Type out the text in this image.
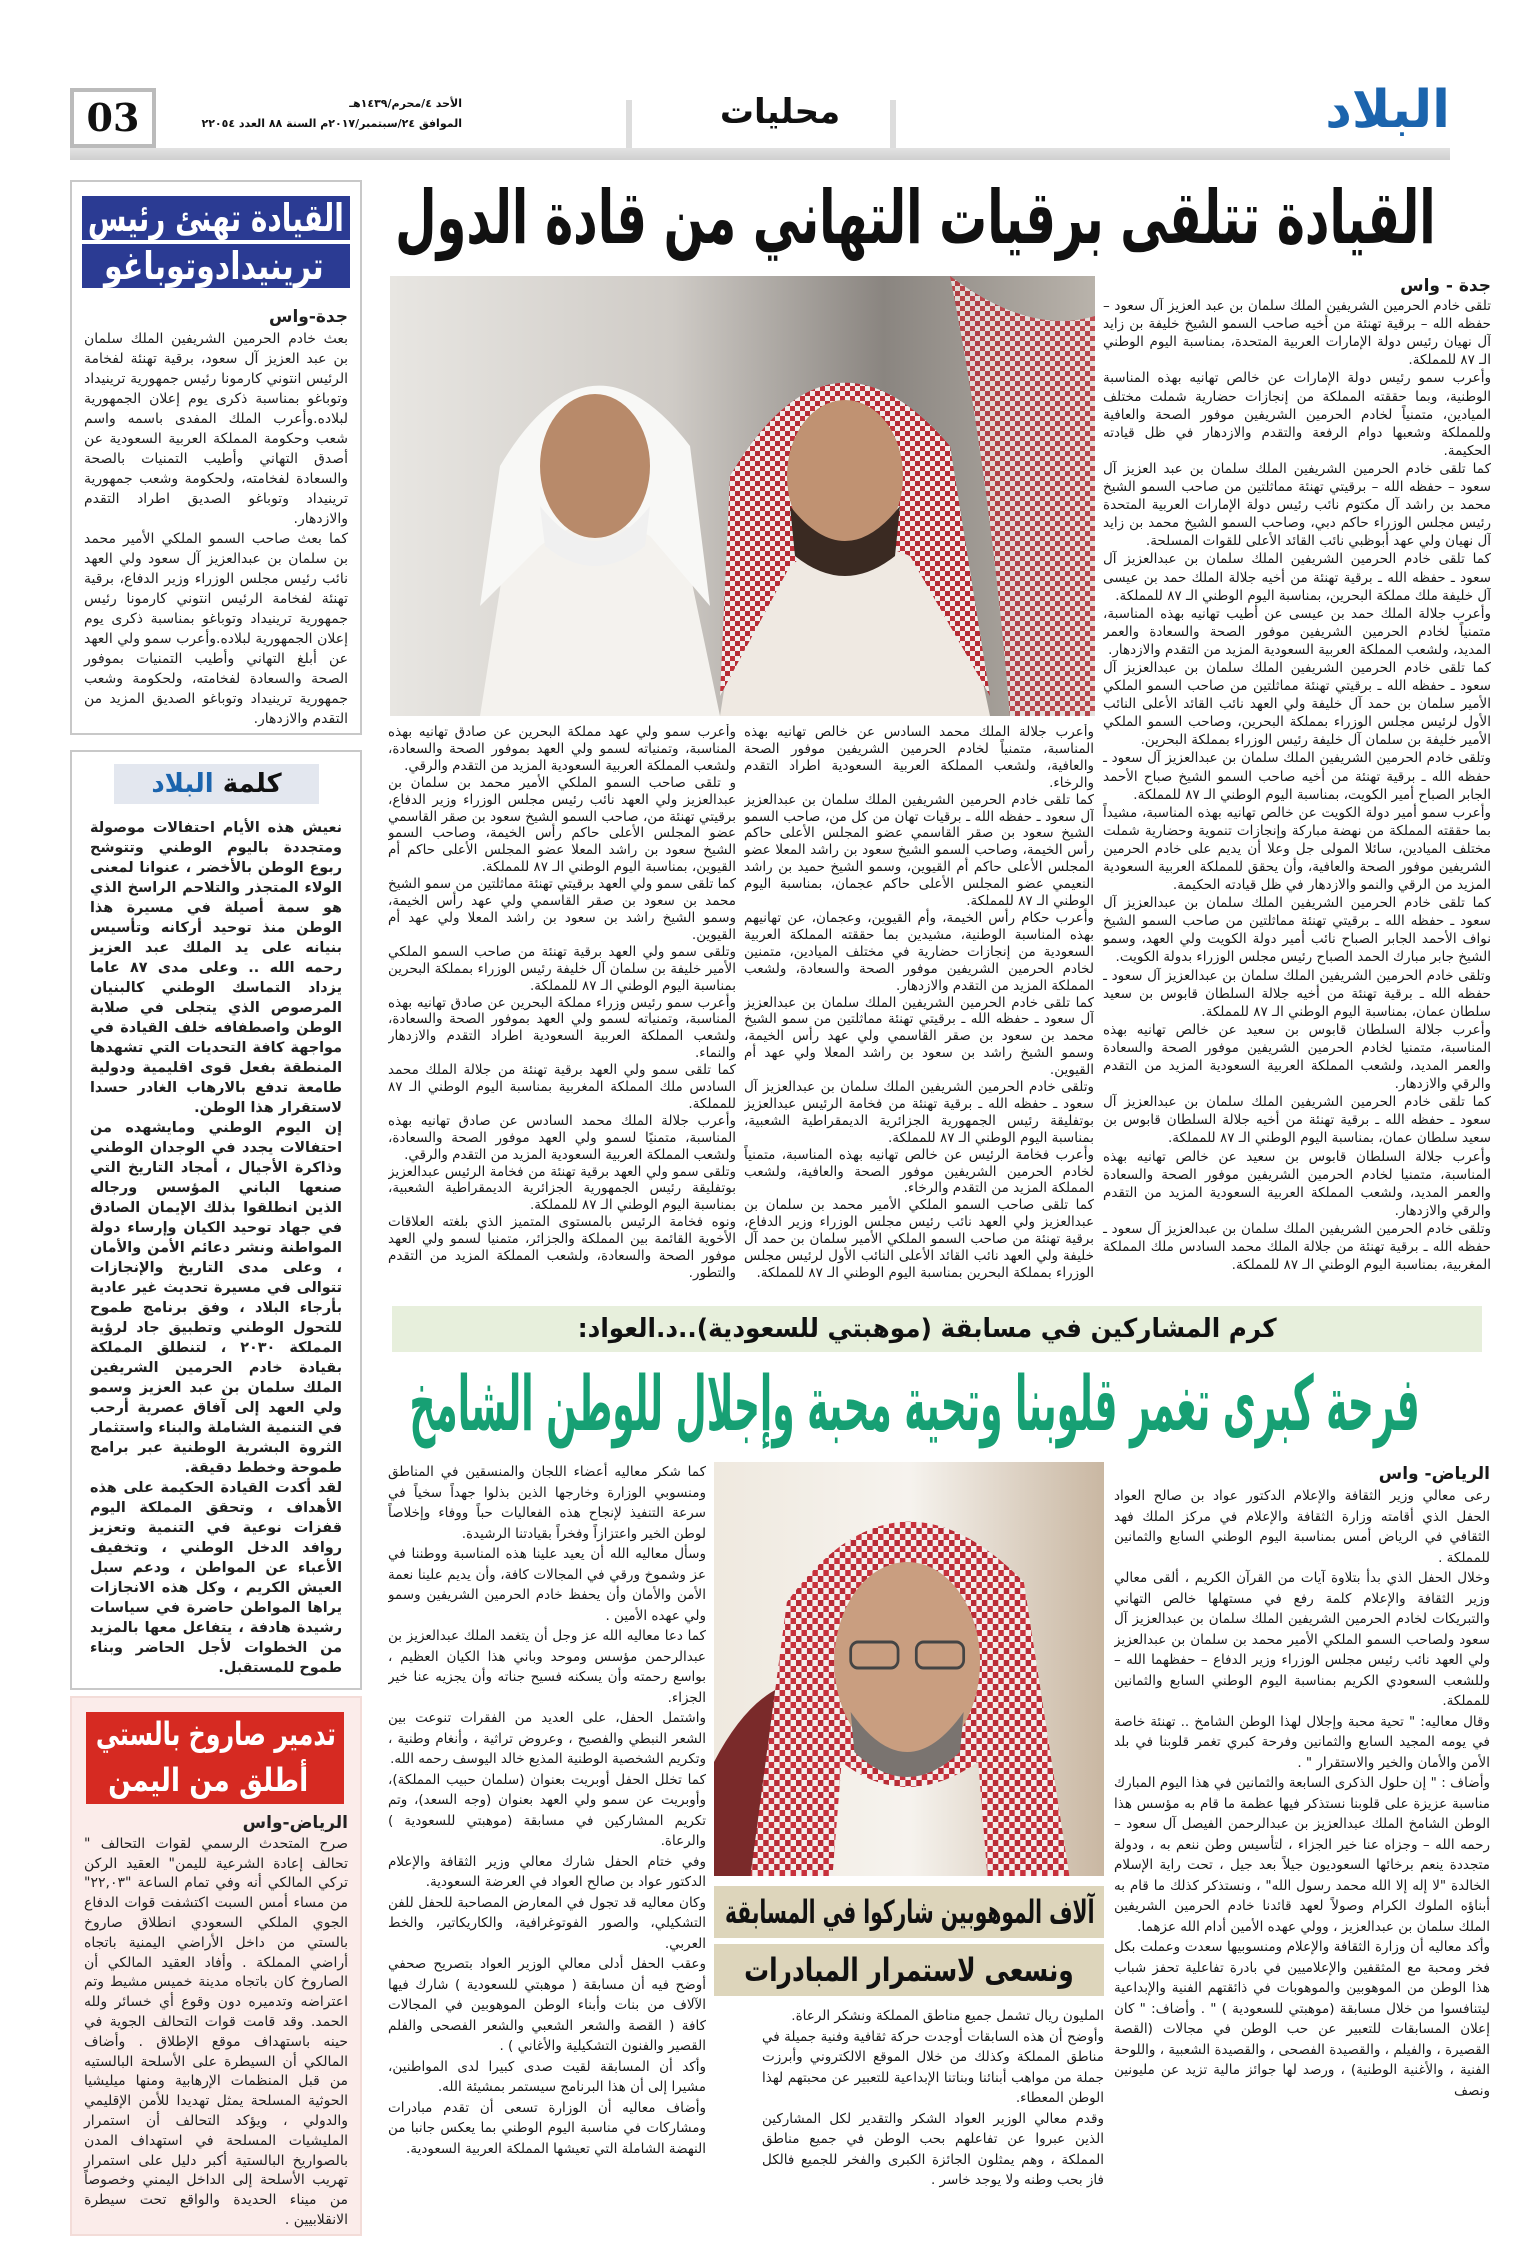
03	الأحد ٤/محرم/١٤٣٩هـ
الموافق ٢٤/سبتمبر/٢٠١٧م السنة ٨٨ العدد ٢٢٠٥٤	محليات	البلاد
القيادة تتلقى برقيات التهاني من قادة الدول
جدة - واس

تلقى خادم الحرمين الشريفين الملك سلمان بن عبد العزيز آل سعود – حفظه الله – برقية تهنئة من أخيه صاحب السمو الشيخ خليفة بن زايد آل نهيان رئيس دولة الإمارات العربية المتحدة، بمناسبة اليوم الوطني الـ ٨٧ للمملكة.

وأعرب سمو رئيس دولة الإمارات عن خالص تهانيه بهذه المناسبة الوطنية، وبما حققته المملكة من إنجازات حضارية شملت مختلف الميادين، متمنياً لخادم الحرمين الشريفين موفور الصحة والعافية وللمملكة وشعبها دوام الرفعة والتقدم والازدهار في ظل قيادته الحكيمة.

كما تلقى خادم الحرمين الشريفين الملك سلمان بن عبد العزيز آل سعود – حفظه الله – برقيتي تهنئة مماثلتين من صاحب السمو الشيخ محمد بن راشد آل مكتوم نائب رئيس دولة الإمارات العربية المتحدة رئيس مجلس الوزراء حاكم دبي، وصاحب السمو الشيخ محمد بن زايد آل نهيان ولي عهد أبوظبي نائب القائد الأعلى للقوات المسلحة.

كما تلقى خادم الحرمين الشريفين الملك سلمان بن عبدالعزيز آل سعود ـ حفظه الله ـ برقية تهنئة من أخيه جلالة الملك حمد بن عيسى آل خليفة ملك مملكة البحرين، بمناسبة اليوم الوطني الـ ٨٧ للمملكة.

وأعرب جلالة الملك حمد بن عيسى عن أطيب تهانيه بهذه المناسبة، متمنياً لخادم الحرمين الشريفين موفور الصحة والسعادة والعمر المديد، ولشعب المملكة العربية السعودية المزيد من التقدم والازدهار.

كما تلقى خادم الحرمين الشريفين الملك سلمان بن عبدالعزيز آل سعود ـ حفظه الله ـ برقيتي تهنئة مماثلتين من صاحب السمو الملكي الأمير سلمان بن حمد آل خليفة ولي العهد نائب القائد الأعلى النائب الأول لرئيس مجلس الوزراء بمملكة البحرين، وصاحب السمو الملكي الأمير خليفة بن سلمان آل خليفة رئيس الوزراء بمملكة البحرين.

وتلقى خادم الحرمين الشريفين الملك سلمان بن عبدالعزيز آل سعود ـ حفظه الله ـ برقية تهنئة من أخيه صاحب السمو الشيخ صباح الأحمد الجابر الصباح أمير الكويت، بمناسبة اليوم الوطني الـ ٨٧ للمملكة.

وأعرب سمو أمير دولة الكويت عن خالص تهانيه بهذه المناسبة، مشيداً بما حققته المملكة من نهضة مباركة وإنجازات تنموية وحضارية شملت مختلف الميادين، سائلا المولى جل وعلا أن يديم على خادم الحرمين الشريفين موفور الصحة والعافية، وأن يحقق للمملكة العربية السعودية المزيد من الرقي والنمو والازدهار في ظل قيادته الحكيمة.

كما تلقى خادم الحرمين الشريفين الملك سلمان بن عبدالعزيز آل سعود ـ حفظه الله ـ برقيتي تهنئة مماثلتين من صاحب السمو الشيخ نواف الأحمد الجابر الصباح نائب أمير دولة الكويت ولي العهد، وسمو الشيخ جابر مبارك الحمد الصباح رئيس مجلس الوزراء بدولة الكويت.

وتلقى خادم الحرمين الشريفين الملك سلمان بن عبدالعزيز آل سعود ـ حفظه الله ـ برقية تهنئة من أخيه جلالة السلطان قابوس بن سعيد سلطان عمان، بمناسبة اليوم الوطني الـ ٨٧ للمملكة.

وأعرب جلالة السلطان قابوس بن سعيد عن خالص تهانيه بهذه المناسبة، متمنيا لخادم الحرمين الشريفين موفور الصحة والسعادة والعمر المديد، ولشعب المملكة العربية السعودية المزيد من التقدم والرقي والازدهار.

كما تلقى خادم الحرمين الشريفين الملك سلمان بن عبدالعزيز آل سعود ـ حفظه الله ـ برقية تهنئة من أخيه جلالة السلطان قابوس بن سعيد سلطان عمان، بمناسبة اليوم الوطني الـ ٨٧ للمملكة.

وأعرب جلالة السلطان قابوس بن سعيد عن خالص تهانيه بهذه المناسبة، متمنيا لخادم الحرمين الشريفين موفور الصحة والسعادة والعمر المديد، ولشعب المملكة العربية السعودية المزيد من التقدم والرقي والازدهار.

وتلقى خادم الحرمين الشريفين الملك سلمان بن عبدالعزيز آل سعود ـ حفظه الله ـ برقية تهنئة من جلالة الملك محمد السادس ملك المملكة المغربية، بمناسبة اليوم الوطني الـ ٨٧ للمملكة.

وأعرب جلالة الملك محمد السادس عن خالص تهانيه بهذه المناسبة، متمنياً لخادم الحرمين الشريفين موفور الصحة والعافية، ولشعب المملكة العربية السعودية اطراد التقدم والرخاء.

كما تلقى خادم الحرمين الشريفين الملك سلمان بن عبدالعزيز آل سعود ـ حفظه الله ـ برقيات تهان من كل من، صاحب السمو الشيخ سعود بن صقر القاسمي عضو المجلس الأعلى حاكم رأس الخيمة، وصاحب السمو الشيخ سعود بن راشد المعلا عضو المجلس الأعلى حاكم أم القيوين، وسمو الشيخ حميد بن راشد النعيمي عضو المجلس الأعلى حاكم عجمان، بمناسبة اليوم الوطني الـ ٨٧ للمملكة.

وأعرب حكام رأس الخيمة، وأم القيوين، وعجمان، عن تهانيهم بهذه المناسبة الوطنية، مشيدين بما حققته المملكة العربية السعودية من إنجازات حضارية في مختلف الميادين، متمنين لخادم الحرمين الشريفين موفور الصحة والسعادة، ولشعب المملكة المزيد من التقدم والازدهار.

كما تلقى خادم الحرمين الشريفين الملك سلمان بن عبدالعزيز آل سعود ـ حفظه الله ـ برقيتي تهنئة مماثلتين من سمو الشيخ محمد بن سعود بن صقر القاسمي ولي عهد رأس الخيمة، وسمو الشيخ راشد بن سعود بن راشد المعلا ولي عهد أم القيوين.

وتلقى خادم الحرمين الشريفين الملك سلمان بن عبدالعزيز آل سعود ـ حفظه الله ـ برقية تهنئة من فخامة الرئيس عبدالعزيز بوتفليقة رئيس الجمهورية الجزائرية الديمقراطية الشعبية، بمناسبة اليوم الوطني الـ ٨٧ للمملكة.

وأعرب فخامة الرئيس عن خالص تهانيه بهذه المناسبة، متمنياً لخادم الحرمين الشريفين موفور الصحة والعافية، ولشعب المملكة المزيد من التقدم والرخاء.

كما تلقى صاحب السمو الملكي الأمير محمد بن سلمان بن عبدالعزيز ولي العهد نائب رئيس مجلس الوزراء وزير الدفاع، برقية تهنئة من صاحب السمو الملكي الأمير سلمان بن حمد آل خليفة ولي العهد نائب القائد الأعلى النائب الأول لرئيس مجلس الوزراء بمملكة البحرين بمناسبة اليوم الوطني الـ ٨٧ للمملكة.

وأعرب سمو ولي عهد مملكة البحرين عن صادق تهانيه بهذه المناسبة، وتمنياته لسمو ولي العهد بموفور الصحة والسعادة، ولشعب المملكة العربية السعودية المزيد من التقدم والرقي.

و تلقى صاحب السمو الملكي الأمير محمد بن سلمان بن عبدالعزيز ولي العهد نائب رئيس مجلس الوزراء وزير الدفاع، برقيتي تهنئة من، صاحب السمو الشيخ سعود بن صقر القاسمي عضو المجلس الأعلى حاكم رأس الخيمة، وصاحب السمو الشيخ سعود بن راشد المعلا عضو المجلس الأعلى حاكم أم القيوين، بمناسبة اليوم الوطني الـ ٨٧ للمملكة.

كما تلقى سمو ولي العهد برقيتي تهنئة مماثلتين من سمو الشيخ محمد بن سعود بن صقر القاسمي ولي عهد رأس الخيمة، وسمو الشيخ راشد بن سعود بن راشد المعلا ولي عهد أم القيوين.

وتلقى سمو ولي العهد برقية تهنئة من صاحب السمو الملكي الأمير خليفة بن سلمان آل خليفة رئيس الوزراء بمملكة البحرين بمناسبة اليوم الوطني الـ ٨٧ للمملكة.

وأعرب سمو رئيس وزراء مملكة البحرين عن صادق تهانيه بهذه المناسبة، وتمنياته لسمو ولي العهد بموفور الصحة والسعادة، ولشعب المملكة العربية السعودية اطراد التقدم والازدهار والنماء.

كما تلقى سمو ولي العهد برقية تهنئة من جلالة الملك محمد السادس ملك المملكة المغربية بمناسبة اليوم الوطني الـ ٨٧ للمملكة.

وأعرب جلالة الملك محمد السادس عن صادق تهانيه بهذه المناسبة، متمنيًا لسمو ولي العهد موفور الصحة والسعادة، ولشعب المملكة العربية السعودية المزيد من التقدم والرقي.

وتلقى سمو ولي العهد برقية تهنئة من فخامة الرئيس عبدالعزيز بوتفليقة رئيس الجمهورية الجزائرية الديمقراطية الشعبية، بمناسبة اليوم الوطني الـ ٨٧ للمملكة.

ونوه فخامة الرئيس بالمستوى المتميز الذي بلغته العلاقات الأخوية القائمة بين المملكة والجزائر، متمنيا لسمو ولي العهد موفور الصحة والسعادة، ولشعب المملكة المزيد من التقدم والتطور.

القيادة تهنئ رئيس
ترينيدادوتوباغو
جدة-واس

بعث خادم الحرمين الشريفين الملك سلمان بن عبد العزيز آل سعود، برقية تهنئة لفخامة الرئيس انتوني كارمونا رئيس جمهورية ترينيداد وتوباغو بمناسبة ذكرى يوم إعلان الجمهورية لبلاده.وأعرب الملك المفدى باسمه واسم شعب وحكومة المملكة العربية السعودية عن أصدق التهاني وأطيب التمنيات بالصحة والسعادة لفخامته، ولحكومة وشعب جمهورية ترينيداد وتوباغو الصديق اطراد التقدم والازدهار.

كما بعث صاحب السمو الملكي الأمير محمد بن سلمان بن عبدالعزيز آل سعود ولي العهد نائب رئيس مجلس الوزراء وزير الدفاع، برقية تهنئة لفخامة الرئيس انتوني كارمونا رئيس جمهورية ترينيداد وتوباغو بمناسبة ذكرى يوم إعلان الجمهورية لبلاده.وأعرب سمو ولي العهد عن أبلغ التهاني وأطيب التمنيات بموفور الصحة والسعادة لفخامته، ولحكومة وشعب جمهورية ترينيداد وتوباغو الصديق المزيد من التقدم والازدهار.

كلمة البلاد

نعيش هذه الأيام احتفالات موصولة ومتجددة باليوم الوطني وتتوشح ربوع الوطن بالأخضر ، عنوانا لمعنى الولاء المتجذر والتلاحم الراسخ الذي هو سمة أصيلة في مسيرة هذا الوطن منذ توحيد أركانه وتأسيس بنيانه على يد الملك عبد العزيز رحمه الله .. وعلى مدى ٨٧ عاما يزداد التماسك الوطني كالبنيان المرصوص الذي يتجلى في صلابة الوطن واصطفافه خلف القيادة في مواجهة كافة التحديات التي تشهدها المنطقة بفعل قوى اقليمية ودولية طامعة تدفع بالارهاب الغادر حسدا لاستقرار هذا الوطن.

إن اليوم الوطني ومايشهده من احتفالات يجدد في الوجدان الوطني وذاكرة الأجيال ، أمجاد التاريخ التي صنعها الباني المؤسس ورجاله الذين انطلقوا بذلك الإيمان الصادق في جهاد توحيد الكيان وإرساء دولة المواطنة ونشر دعائم الأمن والأمان ، وعلى مدى التاريخ والإنجازات تتوالى في مسيرة تحديث غير عادية بأرجاء البلاد ، وفق برنامج طموح للتحول الوطني وتطبيق جاد لرؤية المملكة ٢٠٣٠ ، لتنطلق المملكة بقيادة خادم الحرمين الشريفين الملك سلمان بن عبد العزيز وسمو ولي العهد إلى آفاق عصرية أرحب في التنمية الشاملة والبناء واستثمار الثروة البشرية الوطنية عبر برامج طموحة وخطط دقيقة.

لقد أكدت القيادة الحكيمة على هذه الأهداف ، وتحقق المملكة اليوم قفزات نوعية في التنمية وتعزيز روافد الدخل الوطني ، وتخفيف الأعباء عن المواطن ، ودعم سبل العيش الكريم ، وكل هذه الانجازات يراها المواطن حاضرة في سياسات رشيدة هادفة ، يتفاعل معها بالمزيد من الخطوات لأجل الحاضر وبناء طموح للمستقبل.

تدمير صاروخ بالستي
أطلق من اليمن
الرياض-واس

صرح المتحدث الرسمي لقوات التحالف " تحالف إعادة الشرعية لليمن" العقيد الركن تركي المالكي أنه وفي تمام الساعة "٢٢,٠٣" من مساء أمس السبت اكتشفت قوات الدفاع الجوي الملكي السعودي انطلاق صاروخ بالستي من داخل الأراضي اليمنية باتجاه أراضي المملكة . وأفاد العقيد المالكي أن الصاروخ كان باتجاه مدينة خميس مشيط وتم اعتراضه وتدميره دون وقوع أي خسائر ولله الحمد. وقد قامت قوات التحالف الجوية في حينه باستهداف موقع الإطلاق . وأضاف المالكي أن السيطرة على الأسلحة البالستيه من قبل المنظمات الإرهابية ومنها ميليشيا الحوثية المسلحة يمثل تهديدا للأمن الإقليمي والدولي ، ويؤكد التحالف أن استمرار المليشيات المسلحة في استهداف المدن بالصواريخ البالستية أكبر دليل على استمرار تهريب الأسلحة إلى الداخل اليمني وخصوصاً من ميناء الحديدة والواقع تحت سيطرة الانقلابيين .

كرم المشاركين في مسابقة (موهبتي للسعودية)..د.العواد:
فرحة كبرى تغمر قلوبنا وتحية محبة وإجلال للوطن الشامخ
الرياض- واس

رعى معالي وزير الثقافة والإعلام الدكتور عواد بن صالح العواد الحفل الذي أقامته وزارة الثقافة والإعلام في مركز الملك فهد الثقافي في الرياض أمس بمناسبة اليوم الوطني السابع والثمانين للمملكة .

وخلال الحفل الذي بدأ بتلاوة آيات من القرآن الكريم ، ألقى معالي وزير الثقافة والإعلام كلمة رفع في مستهلها خالص التهاني والتبريكات لخادم الحرمين الشريفين الملك سلمان بن عبدالعزيز آل سعود ولصاحب السمو الملكي الأمير محمد بن سلمان بن عبدالعزيز ولي العهد نائب رئيس مجلس الوزراء وزير الدفاع – حفظهما الله – وللشعب السعودي الكريم بمناسبة اليوم الوطني السابع والثمانين للمملكة.

وقال معاليه: " تحية محبة وإجلال لهذا الوطن الشامخ .. تهنئة خاصة في يومه المجيد السابع والثمانين وفرحة كبري تغمر قلوبنا في بلد الأمن والأمان والخير والاستقرار " .

وأضاف : " إن حلول الذكرى السابعة والثمانين في هذا اليوم المبارك مناسبة عزيزة على قلوبنا نستذكر فيها عظمة ما قام به مؤسس هذا الوطن الشامخ الملك عبدالعزيز بن عبدالرحمن الفيصل آل سعود – رحمه الله – وجزاه عنا خير الجزاء ، لتأسيس وطن ننعم به ، ودولة متجددة ينعم برخائها السعوديون جيلاً بعد جيل ، تحت راية الإسلام الخالدة "لا إله إلا الله محمد رسول الله" ، ونستذكر كذلك ما قام به أبناؤه الملوك الكرام وصولاً لعهد قائدنا خادم الحرمين الشريفين الملك سلمان بن عبدالعزيز ، وولي عهده الأمين أدام الله عزهما.

وأكد معاليه أن وزارة الثقافة والإعلام ومنسوبيها سعدت وعملت بكل فخر ومحبة مع المثقفين والإعلاميين في بادرة تفاعلية تحفز شباب هذا الوطن من الموهوبين والموهوبات في ذائقتهم الفنية والإبداعية ليتنافسوا من خلال مسابقة (موهبتي للسعودية ) " . وأضاف: " كان إعلان المسابقات للتعبير عن حب الوطن في مجالات (القصة القصيرة ، والفيلم ، والقصيدة الفصحى ، والقصيدة الشعبية ، واللوحة الفنية ، والأغنية الوطنية) ، ورصد لها جوائز مالية تزيد عن مليونين ونصف

آلاف الموهوبين شاركوا في المسابقة
ونسعى لاستمرار المبادرات

المليون ريال تشمل جميع مناطق المملكة ونشكر الرعاة.

وأوضح أن هذه السابقات أوجدت حركة ثقافية وفنية جميلة في مناطق المملكة وكذلك من خلال الموقع الالكتروني وأبرزت جملة من مواهب أبنائنا وبناتنا الإبداعية للتعبير عن محبتهم لهذا الوطن المعطاء.

وقدم معالي الوزير العواد الشكر والتقدير لكل المشاركين الذين عبروا عن تفاعلهم بحب الوطن في جميع مناطق المملكة ، وهم يمثلون الجائزة الكبرى والفخر للجميع فالكل فاز بحب وطنه ولا يوجد خاسر .

كما شكر معاليه أعضاء اللجان والمنسقين في المناطق ومنسوبي الوزارة وخارجها الذين بذلوا جهداً سخياً في سرعة التنفيذ لإنجاح هذه الفعاليات حباً ووفاء وإخلاصاً لوطن الخير واعتزازاً وفخراً بقيادتنا الرشيدة.

وسأل معاليه الله أن يعيد علينا هذه المناسبة ووطننا في عز وشموخ ورقي في المجالات كافة، وأن يديم علينا نعمة الأمن والأمان وأن يحفظ خادم الحرمين الشريفين وسمو ولي عهده الأمين .

كما دعا معاليه الله عز وجل أن يتغمد الملك عبدالعزيز بن عبدالرحمن مؤسس وموحد وباني هذا الكيان العظيم ، بواسع رحمته وأن يسكنه فسيح جناته وأن يجزيه عنا خير الجزاء.

واشتمل الحفل، على العديد من الفقرات تنوعت بين الشعر النبطي والفصيح ، وعروض تراثية ، وأنغام وطنية ، وتكريم الشخصية الوطنية المذيع خالد اليوسف رحمه الله.

كما تخلل الحفل أوبريت بعنوان (سلمان حبيب المملكة)، وأوبريت عن سمو ولي العهد بعنوان (وجه السعد)، وتم تكريم المشاركين في مسابقة (موهبتي للسعودية ) والرعاة.

وفي ختام الحفل شارك معالي وزير الثقافة والإعلام الدكتور عواد بن صالح العواد في العرضة السعودية.

وكان معاليه قد تجول في المعارض المصاحبة للحفل للفن التشكيلي، والصور الفوتوغرافية، والكاريكاتير، والخط العربي.

وعقب الحفل أدلى معالي الوزير العواد بتصريح صحفي أوضح فيه أن مسابقة ( موهبتي للسعودية ) شارك فيها الآلاف من بنات وأبناء الوطن الموهوبين في المجالات كافة ( القصة والشعر الشعبي والشعر الفصحى والفلم القصير والفنون التشكيلية والأغاني ) .

وأكد أن المسابقة لقيت صدى كبيرا لدى المواطنين، مشيرا إلى أن هذا البرنامج سيستمر بمشيئة الله.

وأضاف معاليه أن الوزارة تسعى أن تقدم مبادرات ومشاركات في مناسبة اليوم الوطني بما يعكس جانبا من النهضة الشاملة التي تعيشها المملكة العربية السعودية.
